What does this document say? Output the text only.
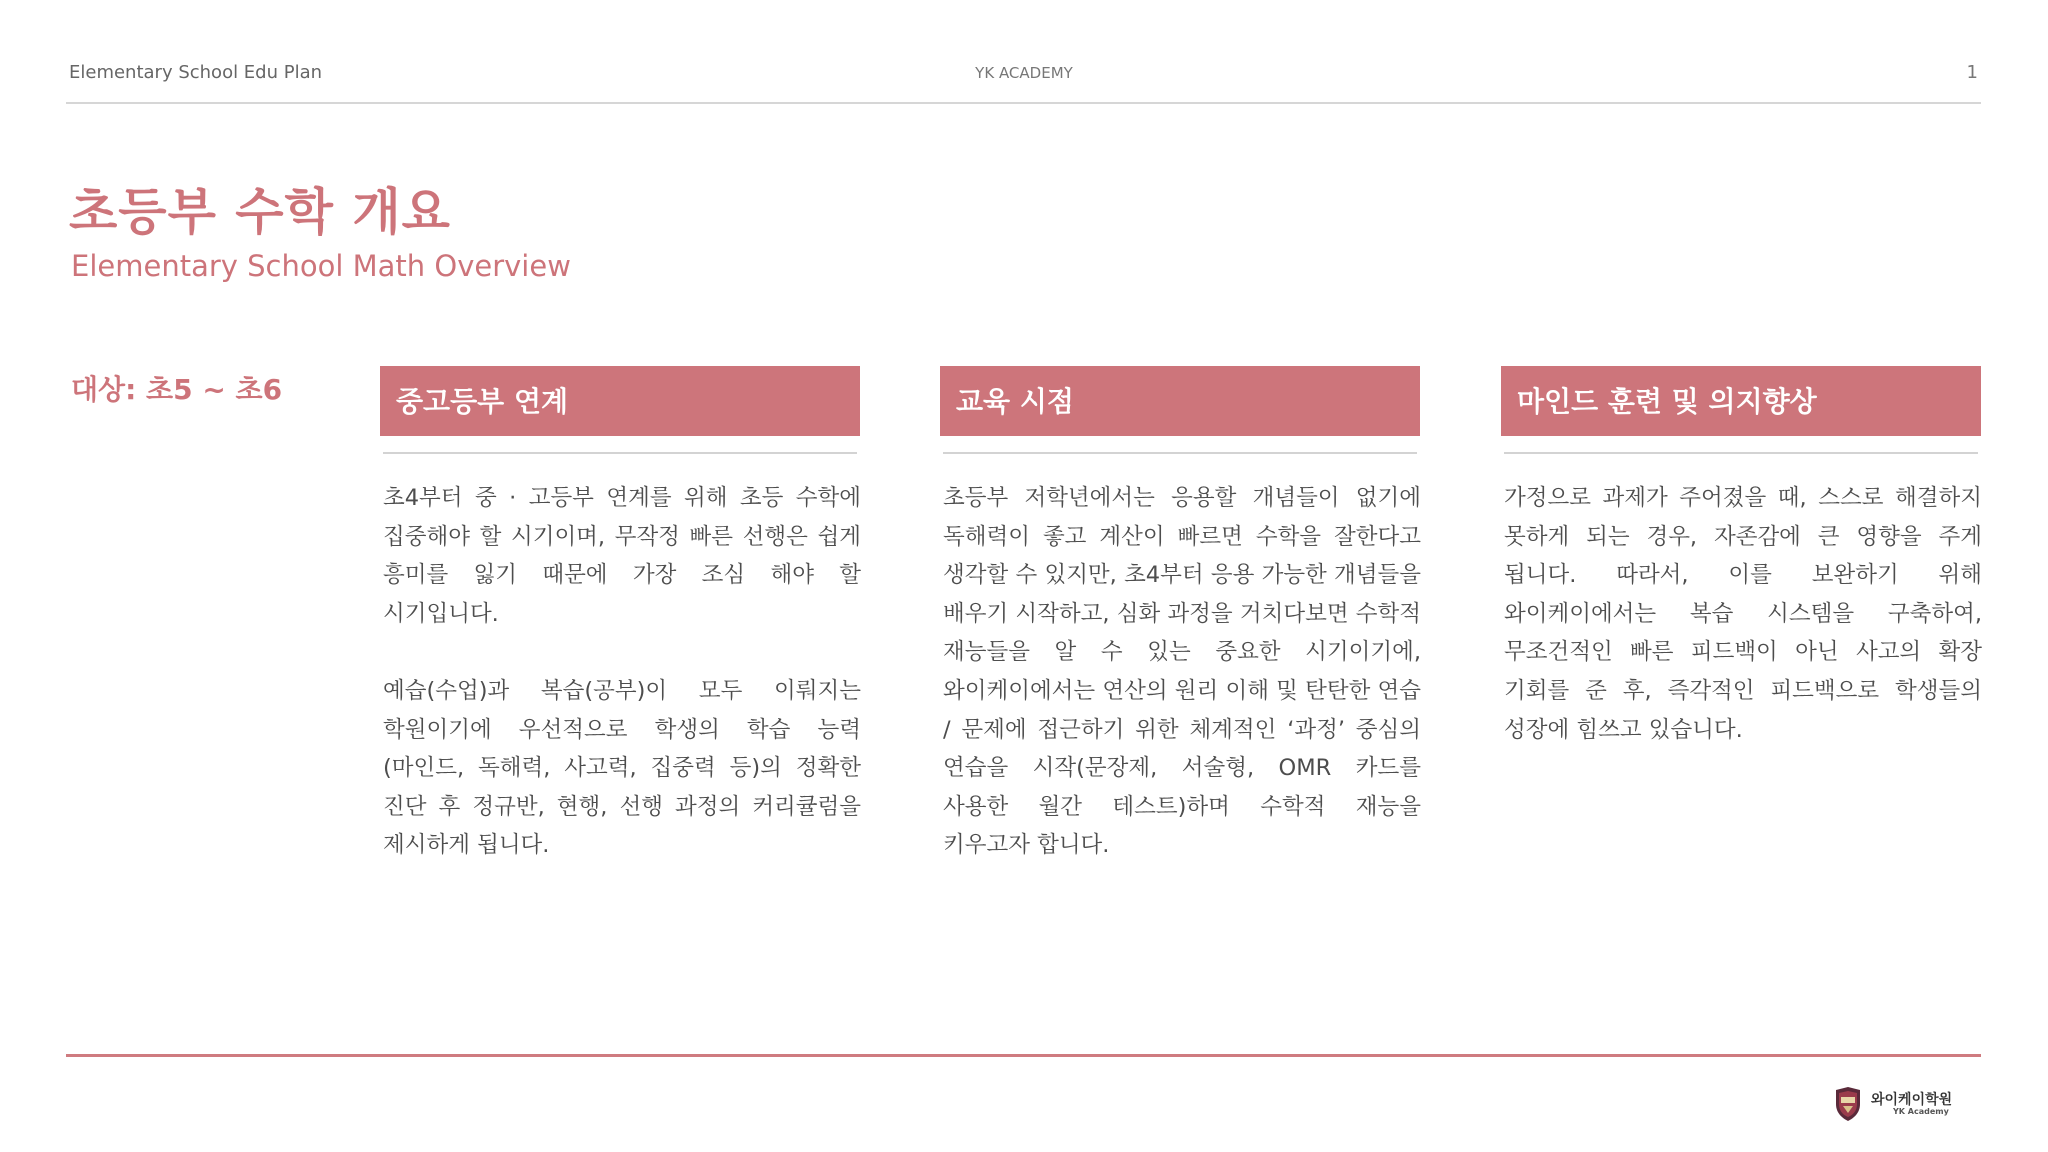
Elementary School Edu Plan	YK ACADEMY	1
초등부 수학 개요
Elementary School Math Overview
대상: 초5 ~ 초6	중고등부 연계

초4부터 중 · 고등부 연계를 위해 초등 수학에 집중해야 할 시기이며, 무작정 빠른 선행은 쉽게 흥미를 잃기 때문에 가장 조심 해야 할 시기입니다.

예습(수업)과 복습(공부)이 모두 이뤄지는 학원이기에 우선적으로 학생의 학습 능력(마인드, 독해력, 사고력, 집중력 등)의 정확한 진단 후 정규반, 현행, 선행 과정의 커리큘럼을 제시하게 됩니다.

교육 시점

초등부 저학년에서는 응용할 개념들이 없기에 독해력이 좋고 계산이 빠르면 수학을 잘한다고 생각할 수 있지만, 초4부터 응용 가능한 개념들을 배우기 시작하고, 심화 과정을 거치다보면 수학적 재능들을 알 수 있는 중요한 시기이기에, 와이케이에서는 연산의 원리 이해 및 탄탄한 연습 / 문제에 접근하기 위한 체계적인 ‘과정’ 중심의 연습을 시작(문장제, 서술형, OMR 카드를 사용한 월간 테스트)하며 수학적 재능을 키우고자 합니다.

마인드 훈련 및 의지향상

가정으로 과제가 주어졌을 때, 스스로 해결하지 못하게 되는 경우, 자존감에 큰 영향을 주게 됩니다. 따라서, 이를 보완하기 위해 와이케이에서는 복습 시스템을 구축하여, 무조건적인 빠른 피드백이 아닌 사고의 확장 기회를 준 후, 즉각적인 피드백으로 학생들의 성장에 힘쓰고 있습니다.

와이케이학원
YK Academy
